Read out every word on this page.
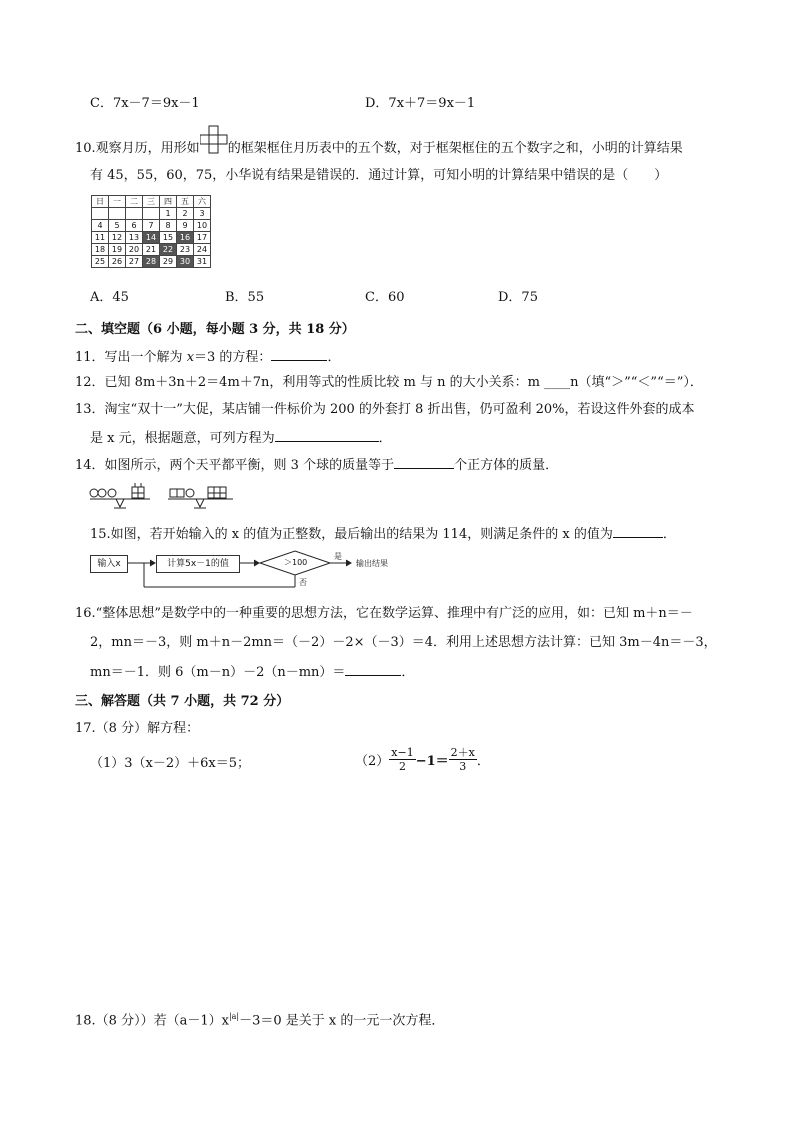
C．7x－7＝9x－1	D．7x＋7＝9x－1
10.观察月历，用形如 的框架框住月历表中的五个数，对于框架框住的五个数字之和，小明的计算结果
有 45，55，60，75，小华说有结果是错误的．通过计算，可知小明的计算结果中错误的是（　　）
日	一	二	三	四	五	六
				1	2	3
4	5	6	7	8	9	10
11	12	13	14	15	16	17
18	19	20	21	22	23	24
25	26	27	28	29	30	31
A．45	B．55	C．60	D．75
二、填空题（6 小题，每小题 3 分，共 18 分）
11．写出一个解为 x＝3 的方程：	．
12．已知 8m＋3n＋2＝4m＋7n，利用等式的性质比较 m 与 n 的大小关系：m ____n（填“＞”“＜”“＝”）．
13．淘宝“双十一”大促，某店铺一件标价为 200 的外套打 8 折出售，仍可盈利 20%，若设这件外套的成本
是 x 元，根据题意，可列方程为	．
14．如图所示，两个天平都平衡，则 3 个球的质量等于	个正方体的质量．
15.如图，若开始输入的 x 的值为正整数，最后输出的结果为 114，则满足条件的 x 的值为	．
输入x	计算5x－1的值	＞100
是
否
输出结果
16.“整体思想”是数学中的一种重要的思想方法，它在数学运算、推理中有广泛的应用，如：已知 m＋n＝－
2，mn＝－3，则 m＋n－2mn＝（－2）－2×（－3）＝4．利用上述思想方法计算：已知 3m－4n＝－3，
mn＝－1．则 6（m－n）－2（n－mn）＝	．
三、解答题（共 7 小题，共 72 分）
17.（8 分）解方程：
（1）3（x－2）＋6x＝5；	$(2) \frac{x-1}{2} -1= \frac{2+x}{3}$ ．
18.（8 分））若$(a-1)x^{|a|}-3=0$ 是关于 x 的一元一次方程．
